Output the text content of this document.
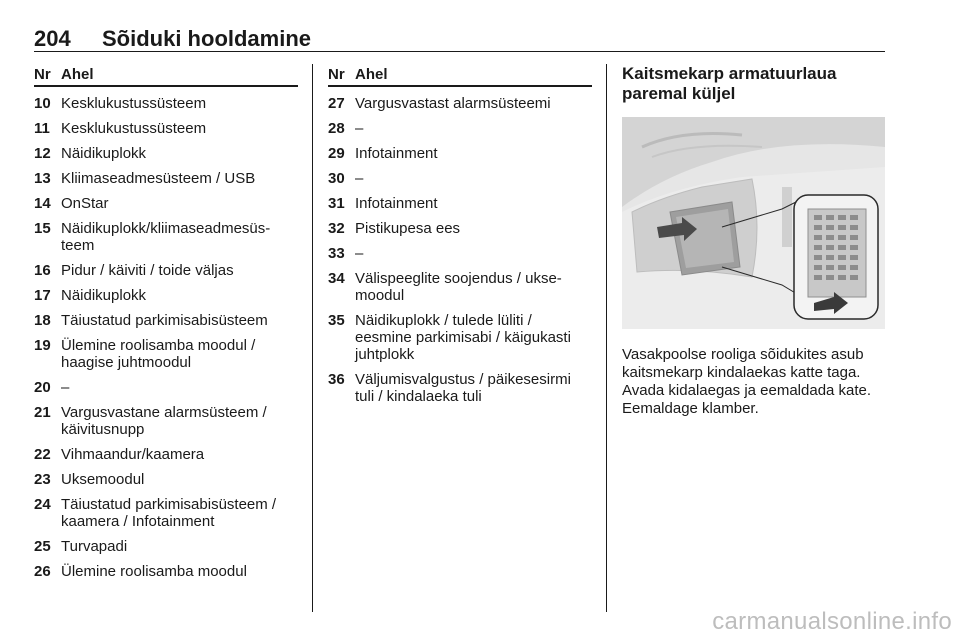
204 Sõiduki hooldamine
Nr Ahel
10 Kesklukustussüsteem
11 Kesklukustussüsteem
12 Näidikuplokk
13 Kliimaseadmesüsteem / USB
14 OnStar
15 Näidikuplokk/kliimaseadmesüs-
teem
16 Pidur / käiviti / toide väljas
17 Näidikuplokk
18 Täiustatud parkimisabisüsteem
19 Ülemine roolisamba moodul /
haagise juhtmoodul
20 –
21 Vargusvastane alarmsüsteem /
käivitusnupp
22 Vihmaandur/kaamera
23 Uksemoodul
24 Täiustatud parkimisabisüsteem /
kaamera / Infotainment
25 Turvapadi
26 Ülemine roolisamba moodul
Nr Ahel
27 Vargusvastast alarmsüsteemi
28 –
29 Infotainment
30 –
31 Infotainment
32 Pistikupesa ees
33 –
34 Välispeeglite soojendus / ukse-
moodul
35 Näidikuplokk / tulede lüliti /
eesmine parkimisabi / käigukasti
juhtplokk
36 Väljumisvalgustus / päikesesirmi
tuli / kindalaeka tuli
Kaitsmekarp armatuurlaua
paremal küljel
Vasakpoolse rooliga sõidukites asub
kaitsmekarp kindalaekas katte taga.
Avada kidalaegas ja eemaldada kate.
Eemaldage klamber.
carmanualsonline.info
